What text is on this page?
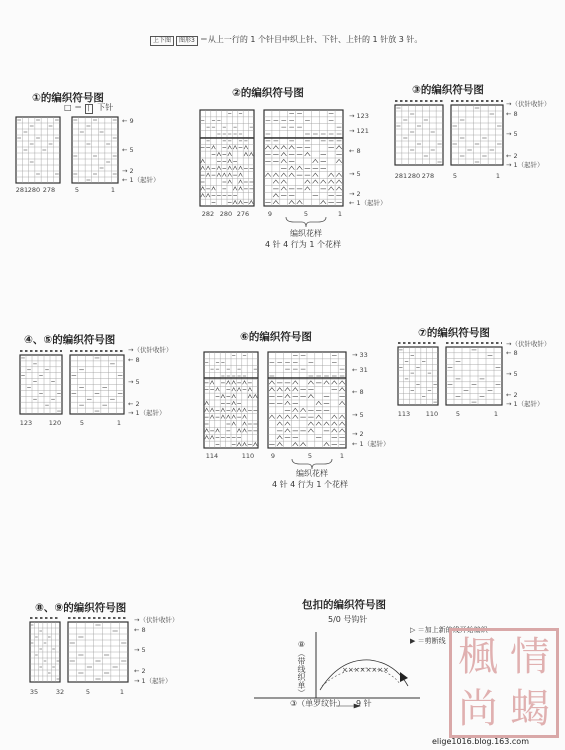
上下图 图形3 ＝从上一行的 1 个针目中织上针、下针、上针的 1 针放 3 针。
①的编织符号图
□ ＝ | 下针
← 9
← 5
→ 2
← 1（起针）
281 280 278	5	1
②的编织符号图
→ 123
→ 121
← 8
→ 5
→ 2
← 1（起针）
282 280 276	9	5	1
编织花样
4 针 4 行为 1 个花样
③的编织符号图
→（伏针收针）
← 8
→ 5
← 2
→ 1（起针）
281 280 278	5	1
④、⑤的编织符号图
→（伏针收针）
← 8
→ 5
← 2
→ 1（起针）
123	120	5	1
⑥的编织符号图
→ 33
← 31
← 8
→ 5
→ 2
← 1（起针）
114	110	9	5	1
编织花样
4 针 4 行为 1 个花样
⑦的编织符号图
→（伏针收针）
← 8
→ 5
← 2
→ 1（起针）
113 110	5	1
⑧、⑨的编织符号图
→（伏针收针）
← 8
→ 5
← 2
→ 1（起针）
35	32	5	1
包扣的编织符号图
5/0 号钩针
▷ ＝加上新的线开始编织
▶ ＝剪断线
××××××××
⑧（带线织单）
③（单罗纹针） 9 针
楓 情
尚 蝎
elige1016.blog.163.com
